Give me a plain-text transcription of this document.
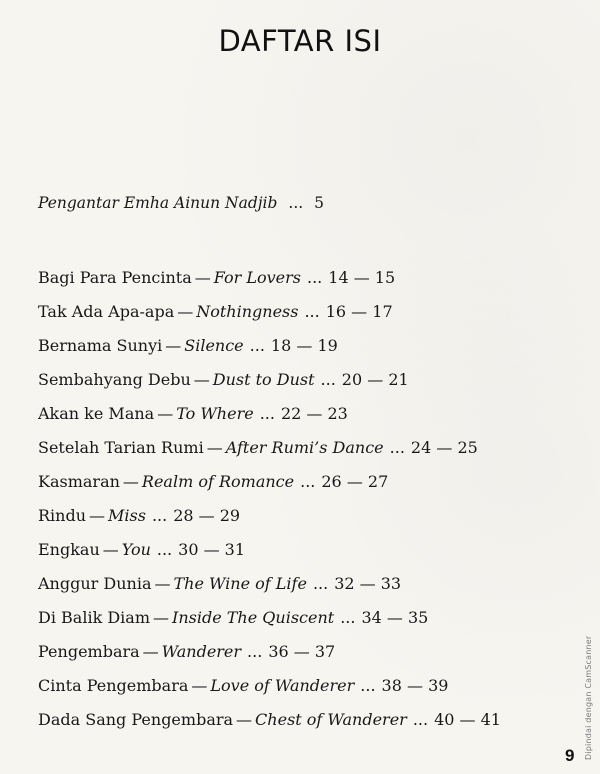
DAFTAR ISI
Pengantar Emha Ainun Nadjib ... 5
Bagi Para Pencinta — For Lovers ... 14 — 15
Tak Ada Apa-apa — Nothingness ... 16 — 17
Bernama Sunyi — Silence ... 18 — 19
Sembahyang Debu — Dust to Dust ... 20 — 21
Akan ke Mana — To Where ... 22 — 23
Setelah Tarian Rumi — After Rumi’s Dance ... 24 — 25
Kasmaran — Realm of Romance ... 26 — 27
Rindu — Miss ... 28 — 29
Engkau — You ... 30 — 31
Anggur Dunia — The Wine of Life ... 32 — 33
Di Balik Diam — Inside The Quiscent ... 34 — 35
Pengembara — Wanderer ... 36 — 37
Cinta Pengembara — Love of Wanderer ... 38 — 39
Dada Sang Pengembara — Chest of Wanderer ... 40 — 41
9 Dipindai dengan CamScanner
